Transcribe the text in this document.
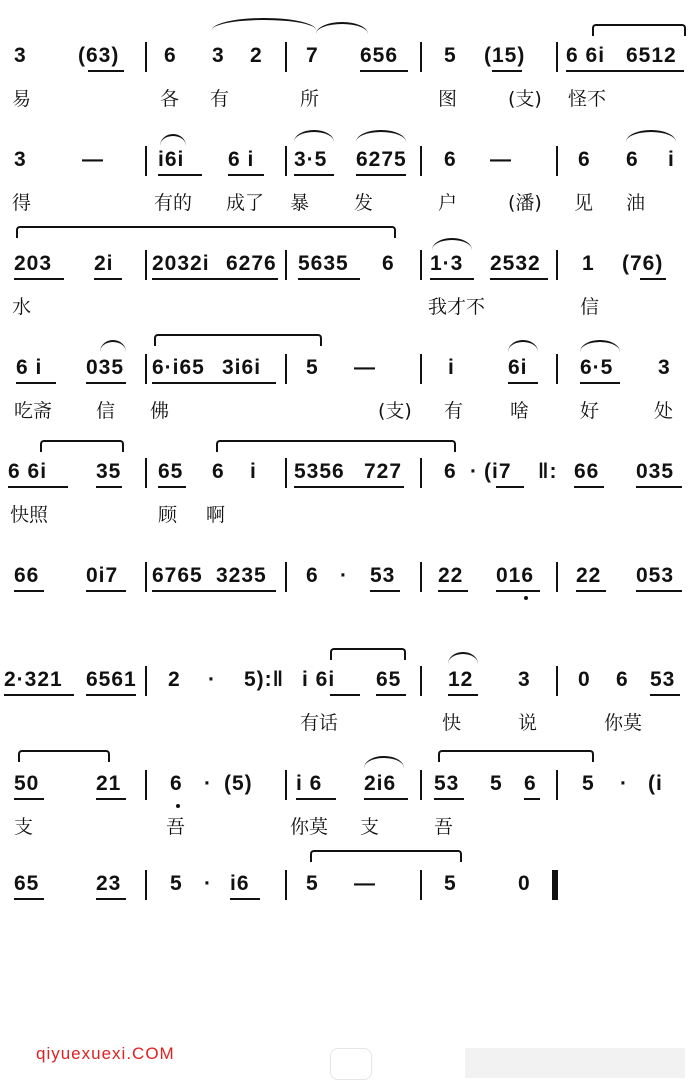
3 (63) 6 3 2 7 656 5 (15) 6 6i 6512
易	各 有	所	图	(支) 怪不
3	—	i6i 6 i 3·5 6275 6 —	6 6 i
得	有的 成了 暴 发	户	(潘) 见 油
203 2i 2032i 6276 5635 6 1·3 2532 1 (76)
水	我才不	信
6 i 035 6·i65 3i6i 5 —	i	6i 6·5 3
吃斋 信 佛	(支) 有 啥	好	处
6 6i 35 65 6 i 5356 727 6 · (i7 ‖: 66 035
快照	顾 啊
66 0i7 6765 3235 6 · 53 22 016 22 053
2·321 6561 2 · 5):‖ i 6i 65 12 3 0 6 53
有话	快	说	你莫
50	21 6 · (5) i 6 2i6 53 5 6 5 · (i
支	吾	你莫 支	吾
65	23 5 · i6	5 —	5	0
qiyuexuexi.COM
